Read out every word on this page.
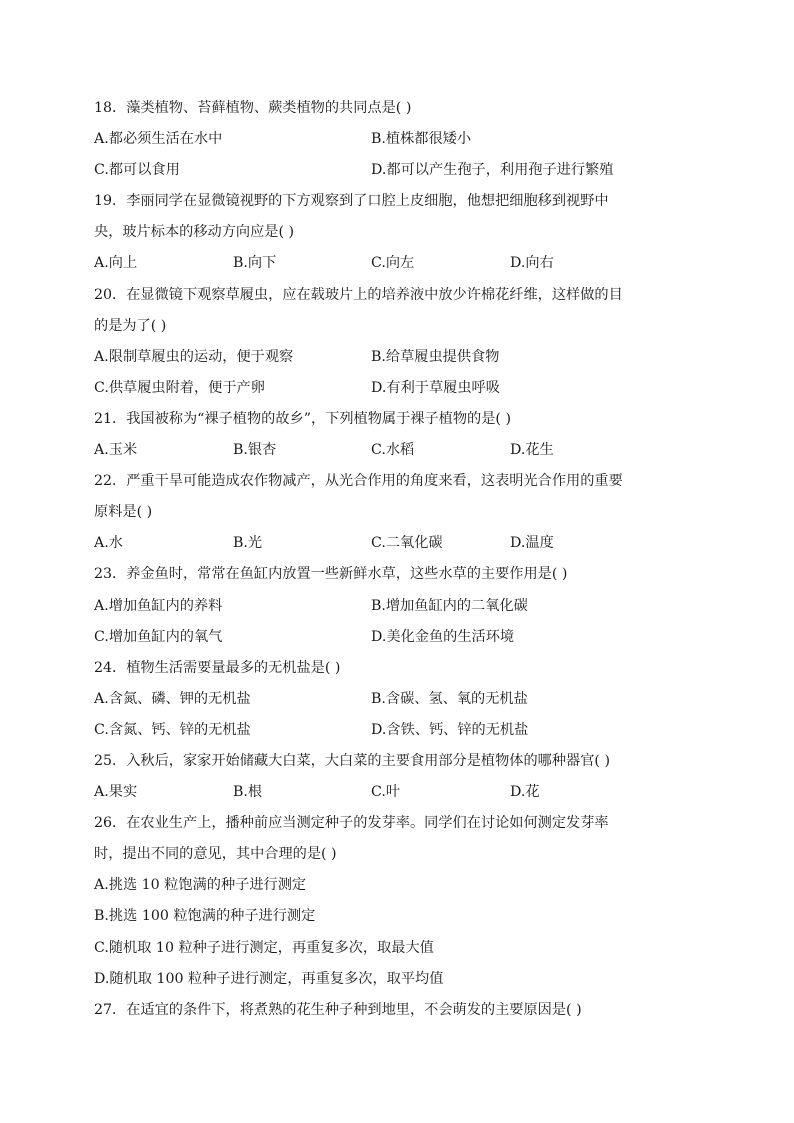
18．藻类植物、苔藓植物、蕨类植物的共同点是( )
A.都必须生活在水中	B.植株都很矮小
C.都可以食用	D.都可以产生孢子，利用孢子进行繁殖
19．李丽同学在显微镜视野的下方观察到了口腔上皮细胞，他想把细胞移到视野中
央，玻片标本的移动方向应是( )
A.向上	B.向下	C.向左	D.向右
20．在显微镜下观察草履虫，应在载玻片上的培养液中放少许棉花纤维，这样做的目
的是为了( )
A.限制草履虫的运动，便于观察	B.给草履虫提供食物
C.供草履虫附着，便于产卵	D.有利于草履虫呼吸
21．我国被称为“裸子植物的故乡”，下列植物属于裸子植物的是( )
A.玉米	B.银杏	C.水稻	D.花生
22．严重干旱可能造成农作物减产，从光合作用的角度来看，这表明光合作用的重要
原料是( )
A.水	B.光	C.二氧化碳	D.温度
23．养金鱼时，常常在鱼缸内放置一些新鲜水草，这些水草的主要作用是( )
A.增加鱼缸内的养料	B.增加鱼缸内的二氧化碳
C.增加鱼缸内的氧气	D.美化金鱼的生活环境
24．植物生活需要量最多的无机盐是( )
A.含氮、磷、钾的无机盐	B.含碳、氢、氧的无机盐
C.含氮、钙、锌的无机盐	D.含铁、钙、锌的无机盐
25．入秋后，家家开始储藏大白菜，大白菜的主要食用部分是植物体的哪种器官( )
A.果实	B.根	C.叶	D.花
26．在农业生产上，播种前应当测定种子的发芽率。同学们在讨论如何测定发芽率
时，提出不同的意见，其中合理的是( )
A.挑选 10 粒饱满的种子进行测定
B.挑选 100 粒饱满的种子进行测定
C.随机取 10 粒种子进行测定，再重复多次，取最大值
D.随机取 100 粒种子进行测定，再重复多次，取平均值
27．在适宜的条件下，将煮熟的花生种子种到地里，不会萌发的主要原因是( )
